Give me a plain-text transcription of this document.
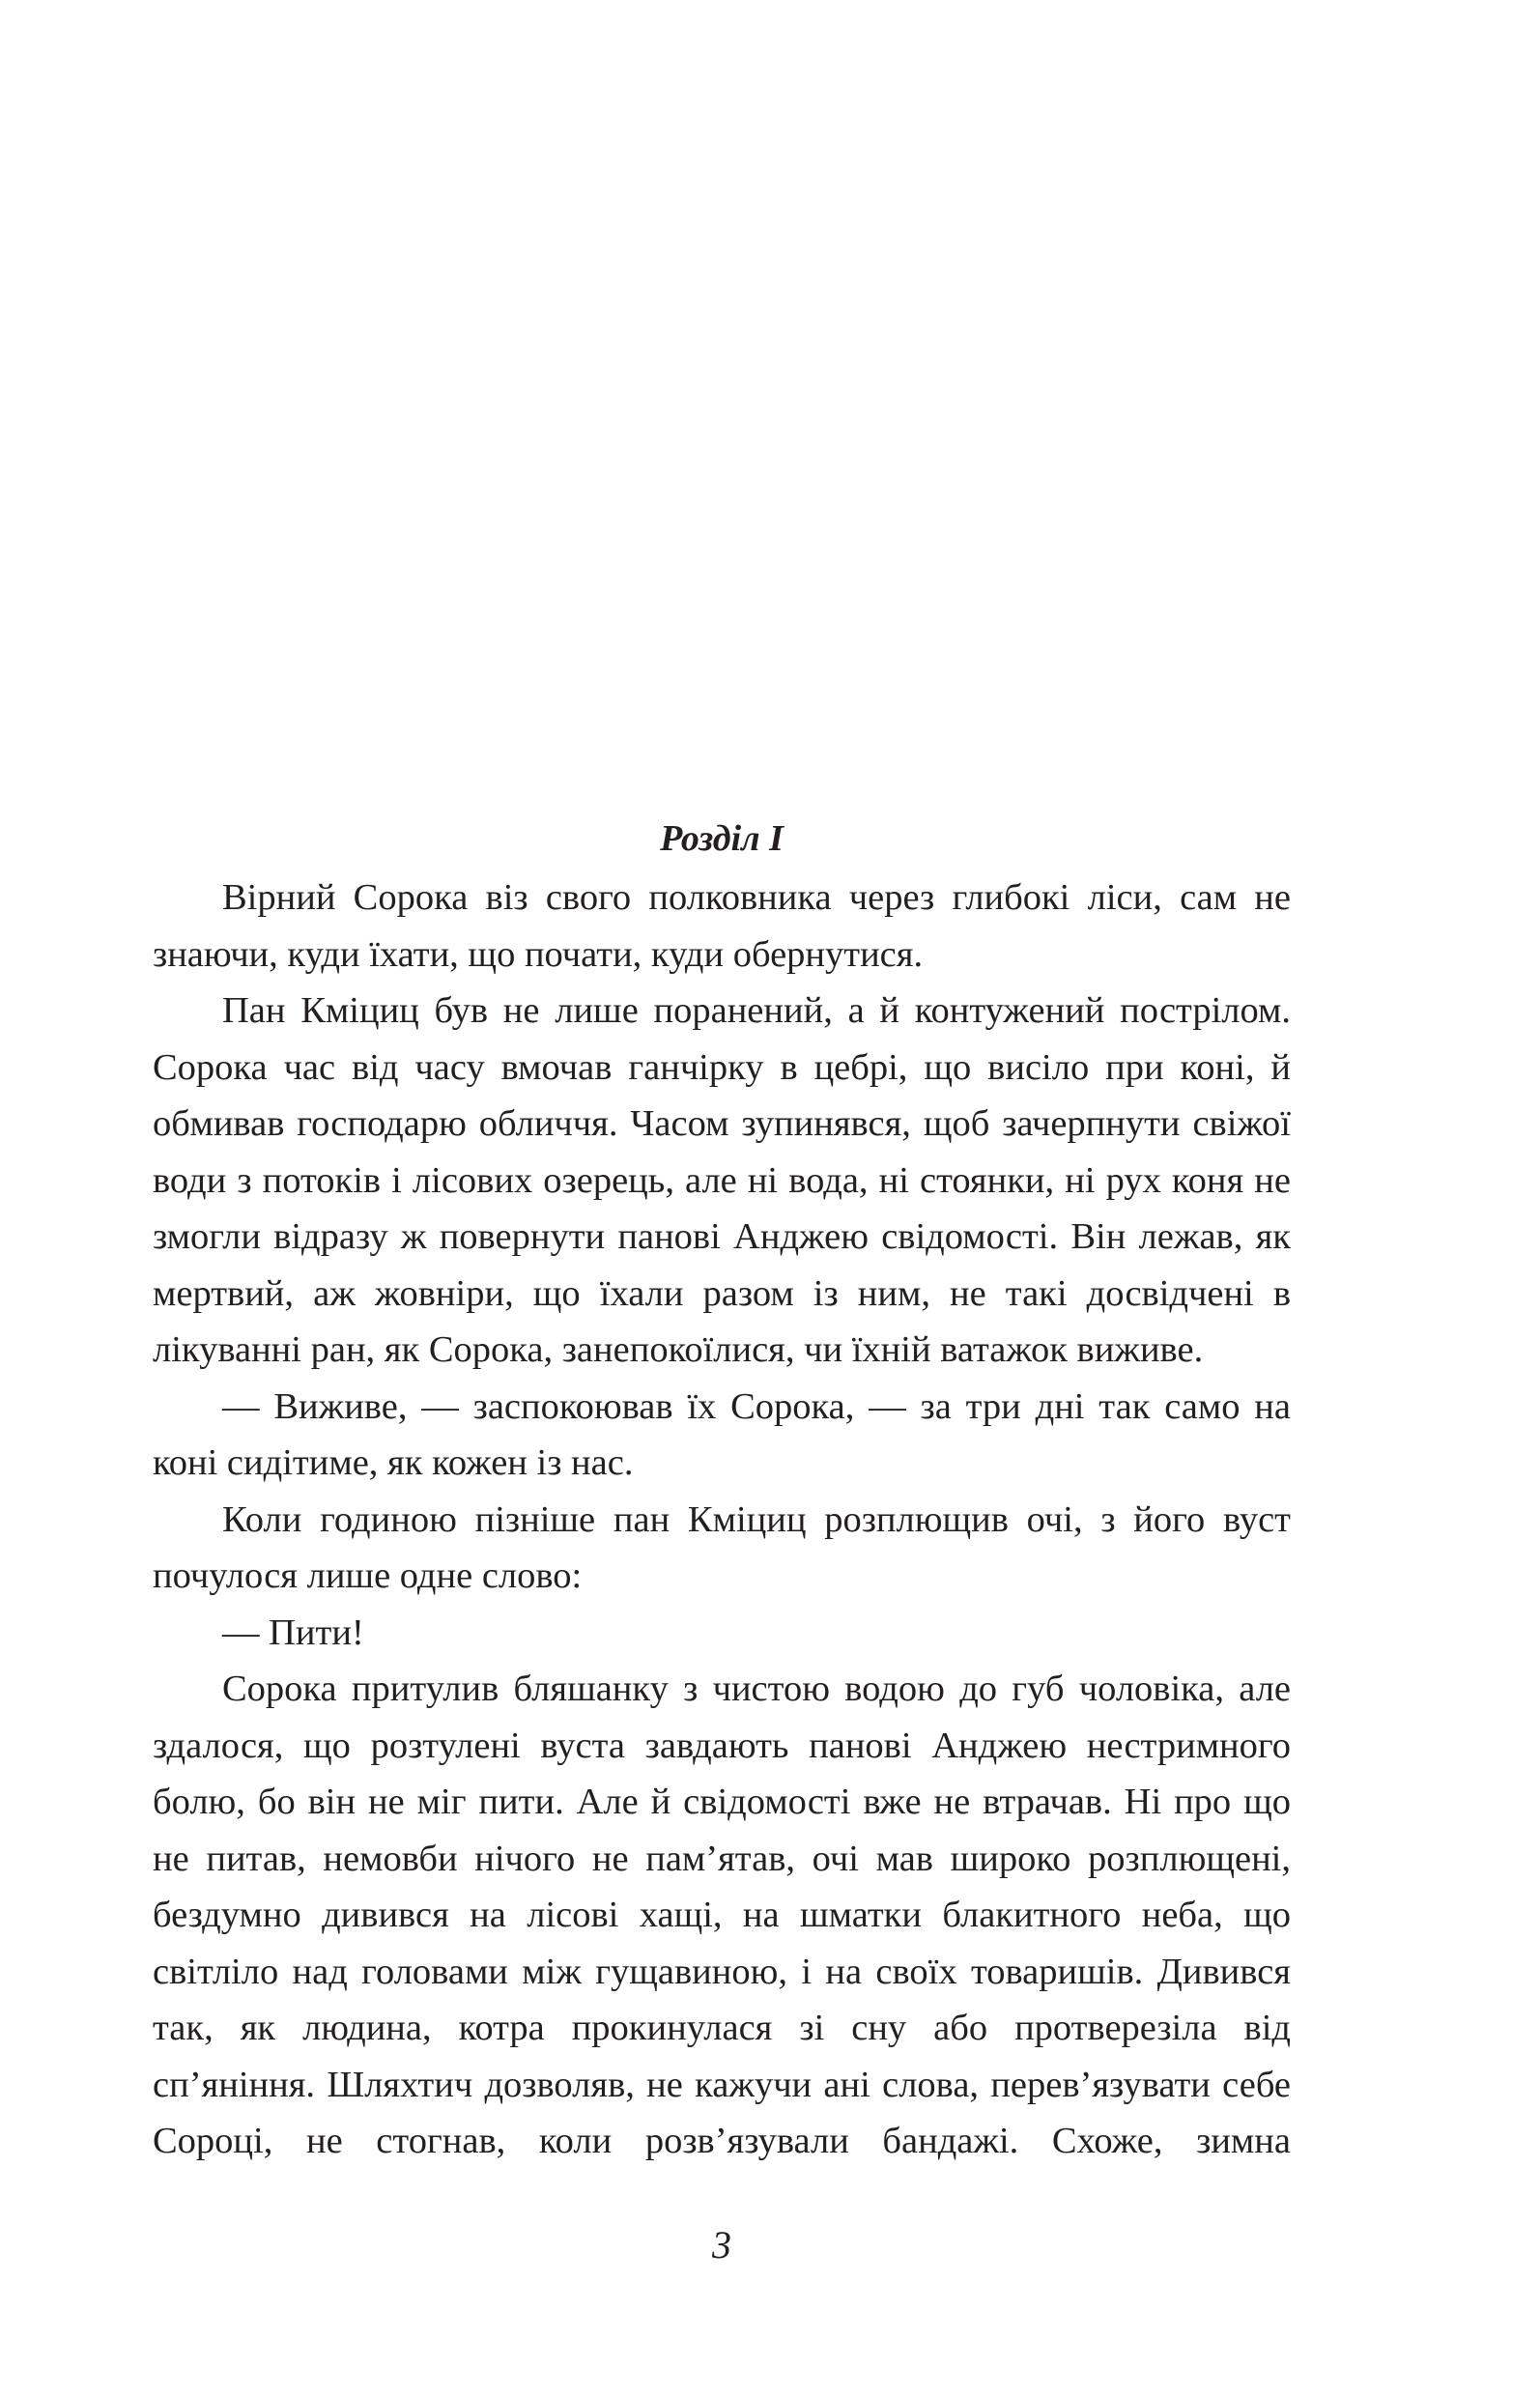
Розділ I

Вірний Сорока віз свого полковника через глибокі ліси, сам не знаючи, куди їхати, що почати, куди обернутися.

Пан Кміциц був не лише поранений, а й контужений пострілом. Сорока час від часу вмочав ганчірку в цебрі, що висіло при коні, й обмивав господарю обличчя. Часом зупинявся, щоб зачерпнути свіжої води з потоків і лісових озерець, але ні вода, ні стоянки, ні рух коня не змогли відразу ж повернути панові Анджею свідомості. Він лежав, як мертвий, аж жовніри, що їхали разом із ним, не такі досвідчені в лікуванні ран, як Сорока, занепокоїлися, чи їхній ватажок виживе.

— Виживе, — заспокоював їх Сорока, — за три дні так само на коні сидітиме, як кожен із нас.

Коли годиною пізніше пан Кміциц розплющив очі, з його вуст почулося лише одне слово:

— Пити!

Сорока притулив бляшанку з чистою водою до губ чоловіка, але здалося, що розтулені вуста завдають панові Анджею нестримного болю, бо він не міг пити. Але й свідомості вже не втрачав. Ні про що не питав, немовби нічого не пам’ятав, очі мав широко розплющені, бездумно дивився на лісові хащі, на шматки блакитного неба, що світліло над головами між гущавиною, і на своїх товаришів. Дивився так, як людина, котра прокинулася зі сну або протверезіла від сп’яніння. Шляхтич дозволяв, не кажучи ані слова, перев’язувати себе Сороці, не стогнав, коли розв’язували бандажі. Схоже, зимна

3
